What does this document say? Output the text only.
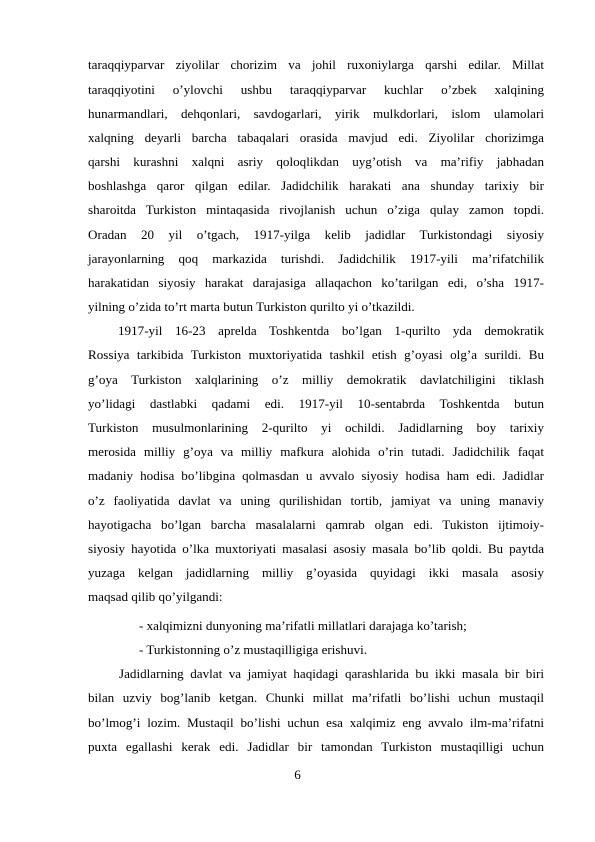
taraqqiyparvar ziyolilar chorizim va johil ruxoniylarga qarshi edilar. Millat
taraqqiyotini o’ylovchi ushbu taraqqiyparvar kuchlar o’zbek xalqining
hunarmandlari, dehqonlari, savdogarlari, yirik mulkdorlari, islom ulamolari
xalqning deyarli barcha tabaqalari orasida mavjud edi. Ziyolilar chorizimga
qarshi kurashni xalqni asriy qoloqlikdan uyg’otish va ma’rifiy jabhadan
boshlashga qaror qilgan edilar. Jadidchilik harakati ana shunday tarixiy bir
sharoitda Turkiston mintaqasida rivojlanish uchun o’ziga qulay zamon topdi.
Oradan 20 yil o’tgach, 1917-yilga kelib jadidlar Turkistondagi siyosiy
jarayonlarning qoq markazida turishdi. Jadidchilik 1917-yili ma’rifatchilik
harakatidan siyosiy harakat darajasiga allaqachon ko’tarilgan edi, o’sha 1917-
yilning o’zida to’rt marta butun Turkiston qurilto yi o’tkazildi.
1917-yil 16-23 aprelda Toshkentda bo’lgan 1-qurilto yda demokratik
Rossiya tarkibida Turkiston muxtoriyatida tashkil etish g’oyasi olg’a surildi. Bu
g’oya Turkiston xalqlarining o’z milliy demokratik davlatchiligini tiklash
yo’lidagi dastlabki qadami edi. 1917-yil 10-sentabrda Toshkentda butun
Turkiston musulmonlarining 2-qurilto yi ochildi. Jadidlarning boy tarixiy
merosida milliy g’oya va milliy mafkura alohida o’rin tutadi. Jadidchilik faqat
madaniy hodisa bo’libgina qolmasdan u avvalo siyosiy hodisa ham edi. Jadidlar
o’z faoliyatida davlat va uning qurilishidan tortib, jamiyat va uning manaviy
hayotigacha bo’lgan barcha masalalarni qamrab olgan edi. Tukiston ijtimoiy-
siyosiy hayotida o’lka muxtoriyati masalasi asosiy masala bo’lib qoldi. Bu paytda
yuzaga kelgan jadidlarning milliy g’oyasida quyidagi ikki masala asosiy
maqsad qilib qo’yilgandi:
- xalqimizni dunyoning ma’rifatli millatlari darajaga ko’tarish;
- Turkistonning o’z mustaqilligiga erishuvi.
Jadidlarning davlat va jamiyat haqidagi qarashlarida bu ikki masala bir biri
bilan uzviy bog’lanib ketgan. Chunki millat ma’rifatli bo’lishi uchun mustaqil
bo’lmog’i lozim. Mustaqil bo’lishi uchun esa xalqimiz eng avvalo ilm-ma’rifatni
puxta egallashi kerak edi. Jadidlar bir tamondan Turkiston mustaqilligi uchun
6
